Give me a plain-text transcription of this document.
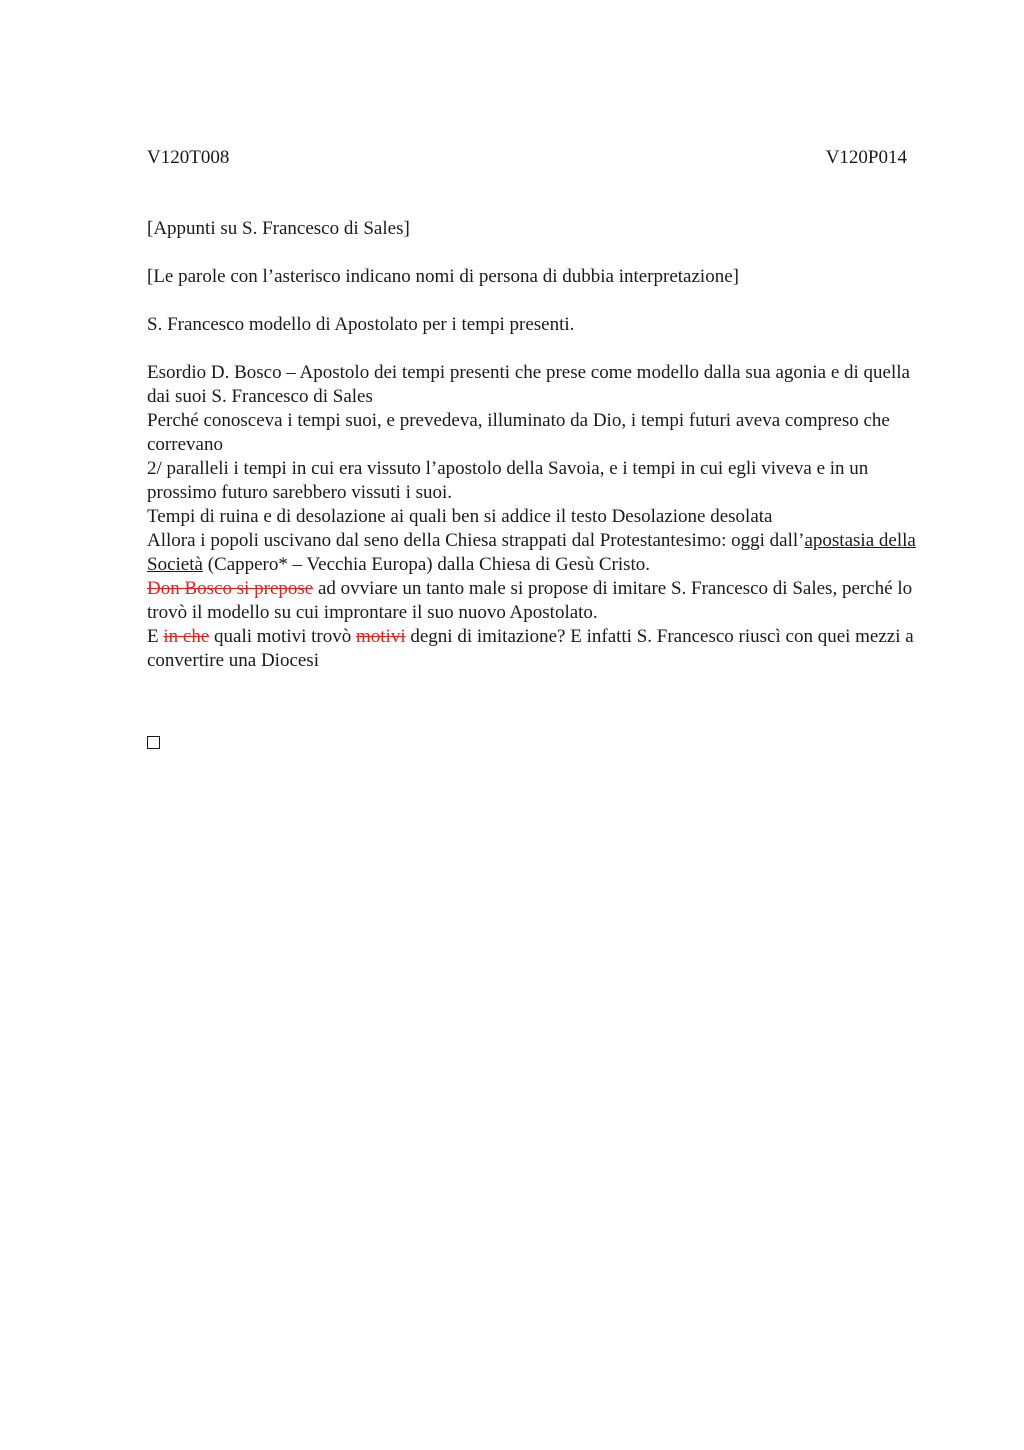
V120T008	V120P014

[Appunti su S. Francesco di Sales]

[Le parole con l’asterisco indicano nomi di persona di dubbia interpretazione]

S. Francesco modello di Apostolato per i tempi presenti.

Esordio D. Bosco – Apostolo dei tempi presenti che prese come modello dalla sua agonia e di quella dai suoi S. Francesco di Sales

Perché conosceva i tempi suoi, e prevedeva, illuminato da Dio, i tempi futuri aveva compreso che correvano

2/ paralleli i tempi in cui era vissuto l’apostolo della Savoia, e i tempi in cui egli viveva e in un prossimo futuro sarebbero vissuti i suoi.

Tempi di ruina e di desolazione ai quali ben si addice il testo Desolazione desolata

Allora i popoli uscivano dal seno della Chiesa strappati dal Protestantesimo: oggi dall’apostasia della Società (Cappero* – Vecchia Europa) dalla Chiesa di Gesù Cristo.

Don Bosco si prepose ad ovviare un tanto male si propose di imitare S. Francesco di Sales, perché lo trovò il modello su cui improntare il suo nuovo Apostolato.

E in che quali motivi trovò motivi degni di imitazione? E infatti S. Francesco riuscì con quei mezzi a convertire una Diocesi
